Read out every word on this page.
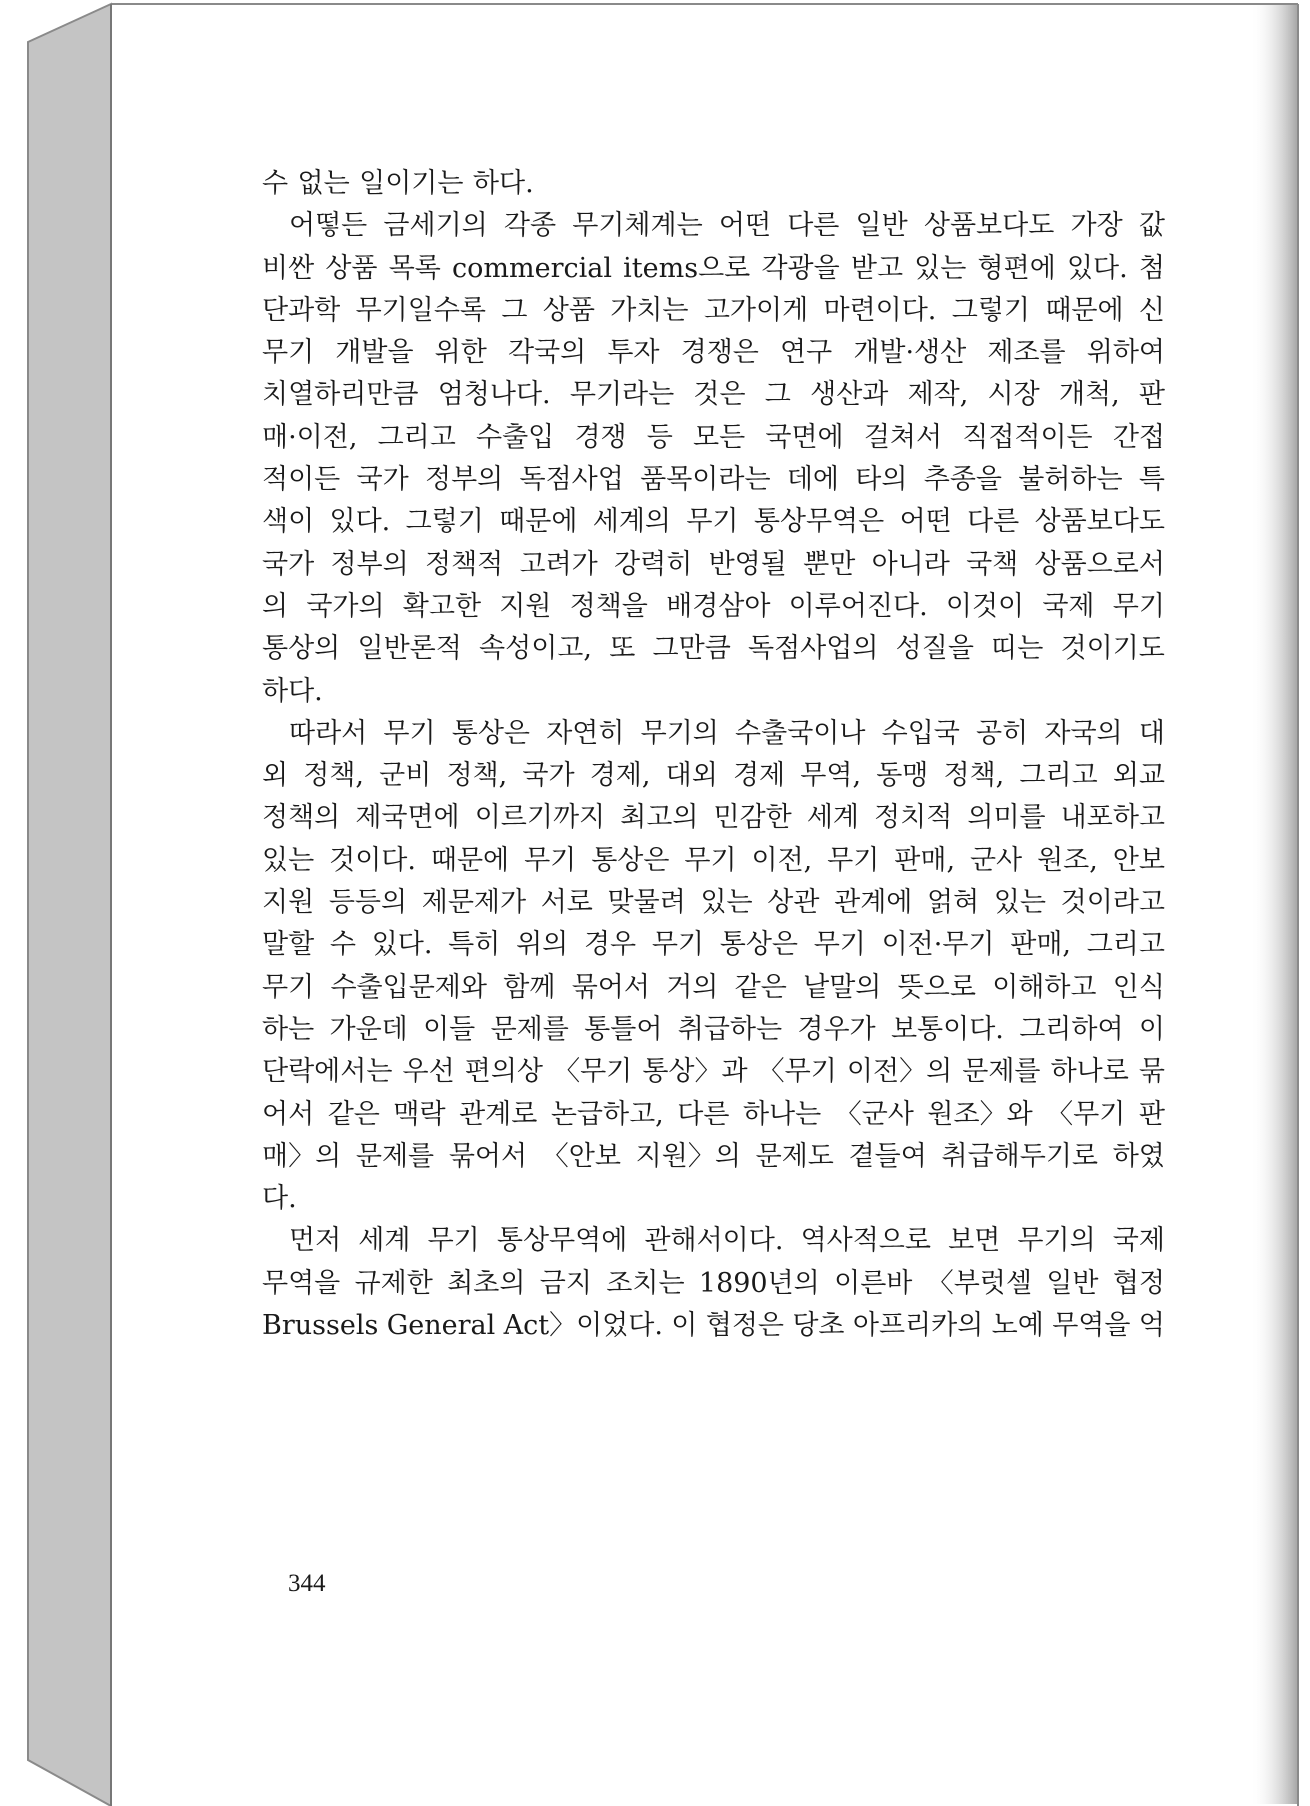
수 없는 일이기는 하다.
어떻든 금세기의 각종 무기체계는 어떤 다른 일반 상품보다도 가장 값
비싼 상품 목록 commercial items으로 각광을 받고 있는 형편에 있다. 첨
단과학 무기일수록 그 상품 가치는 고가이게 마련이다. 그렇기 때문에 신
무기 개발을 위한 각국의 투자 경쟁은 연구 개발·생산 제조를 위하여
치열하리만큼 엄청나다. 무기라는 것은 그 생산과 제작, 시장 개척, 판
매·이전, 그리고 수출입 경쟁 등 모든 국면에 걸쳐서 직접적이든 간접
적이든 국가 정부의 독점사업 품목이라는 데에 타의 추종을 불허하는 특
색이 있다. 그렇기 때문에 세계의 무기 통상무역은 어떤 다른 상품보다도
국가 정부의 정책적 고려가 강력히 반영될 뿐만 아니라 국책 상품으로서
의 국가의 확고한 지원 정책을 배경삼아 이루어진다. 이것이 국제 무기
통상의 일반론적 속성이고, 또 그만큼 독점사업의 성질을 띠는 것이기도
하다.
따라서 무기 통상은 자연히 무기의 수출국이나 수입국 공히 자국의 대
외 정책, 군비 정책, 국가 경제, 대외 경제 무역, 동맹 정책, 그리고 외교
정책의 제국면에 이르기까지 최고의 민감한 세계 정치적 의미를 내포하고
있는 것이다. 때문에 무기 통상은 무기 이전, 무기 판매, 군사 원조, 안보
지원 등등의 제문제가 서로 맞물려 있는 상관 관계에 얽혀 있는 것이라고
말할 수 있다. 특히 위의 경우 무기 통상은 무기 이전·무기 판매, 그리고
무기 수출입문제와 함께 묶어서 거의 같은 낱말의 뜻으로 이해하고 인식
하는 가운데 이들 문제를 통틀어 취급하는 경우가 보통이다. 그리하여 이
단락에서는 우선 편의상 〈무기 통상〉과 〈무기 이전〉의 문제를 하나로 묶
어서 같은 맥락 관계로 논급하고, 다른 하나는 〈군사 원조〉와 〈무기 판
매〉의 문제를 묶어서 〈안보 지원〉의 문제도 곁들여 취급해두기로 하였
다.
먼저 세계 무기 통상무역에 관해서이다. 역사적으로 보면 무기의 국제
무역을 규제한 최초의 금지 조치는 1890년의 이른바 〈부럿셀 일반 협정
Brussels General Act〉이었다. 이 협정은 당초 아프리카의 노예 무역을 억
344
